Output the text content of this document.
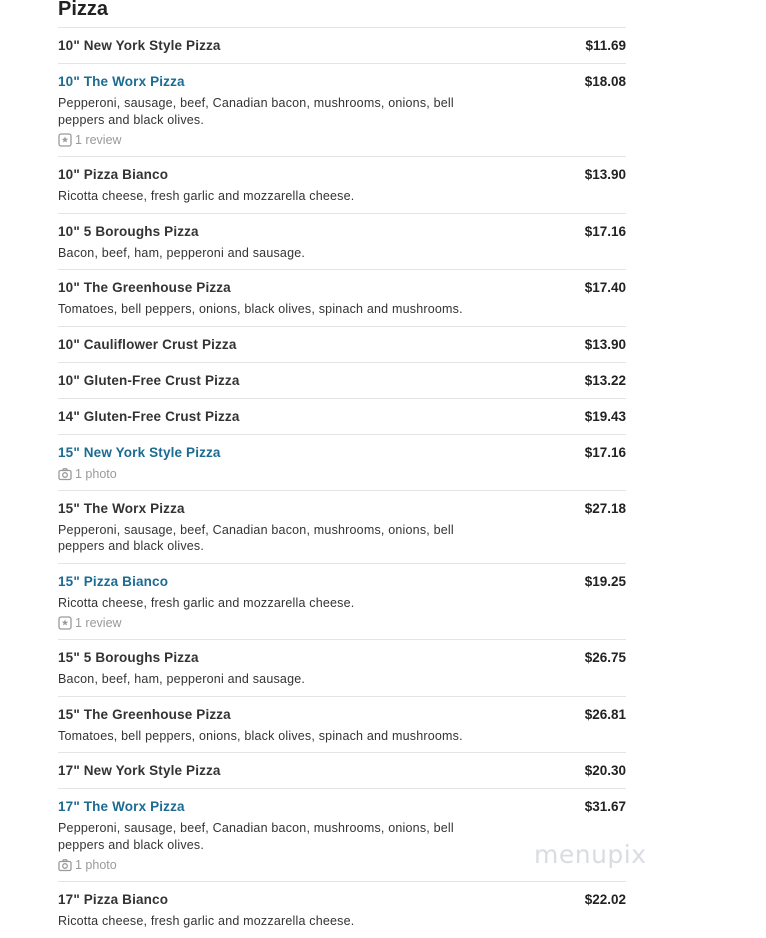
Pizza
10" New York Style Pizza	$11.69
10" The Worx Pizza	$18.08
Pepperoni, sausage, beef, Canadian bacon, mushrooms, onions, bell peppers and black olives.
1 review
10" Pizza Bianco	$13.90
Ricotta cheese, fresh garlic and mozzarella cheese.
10" 5 Boroughs Pizza	$17.16
Bacon, beef, ham, pepperoni and sausage.
10" The Greenhouse Pizza	$17.40
Tomatoes, bell peppers, onions, black olives, spinach and mushrooms.
10" Cauliflower Crust Pizza	$13.90
10" Gluten-Free Crust Pizza	$13.22
14" Gluten-Free Crust Pizza	$19.43
15" New York Style Pizza	$17.16
1 photo
15" The Worx Pizza	$27.18
Pepperoni, sausage, beef, Canadian bacon, mushrooms, onions, bell peppers and black olives.
15" Pizza Bianco	$19.25
Ricotta cheese, fresh garlic and mozzarella cheese.
1 review
15" 5 Boroughs Pizza	$26.75
Bacon, beef, ham, pepperoni and sausage.
15" The Greenhouse Pizza	$26.81
Tomatoes, bell peppers, onions, black olives, spinach and mushrooms.
17" New York Style Pizza	$20.30
17" The Worx Pizza	$31.67
Pepperoni, sausage, beef, Canadian bacon, mushrooms, onions, bell peppers and black olives.
1 photo
17" Pizza Bianco	$22.02
Ricotta cheese, fresh garlic and mozzarella cheese.
menupix
